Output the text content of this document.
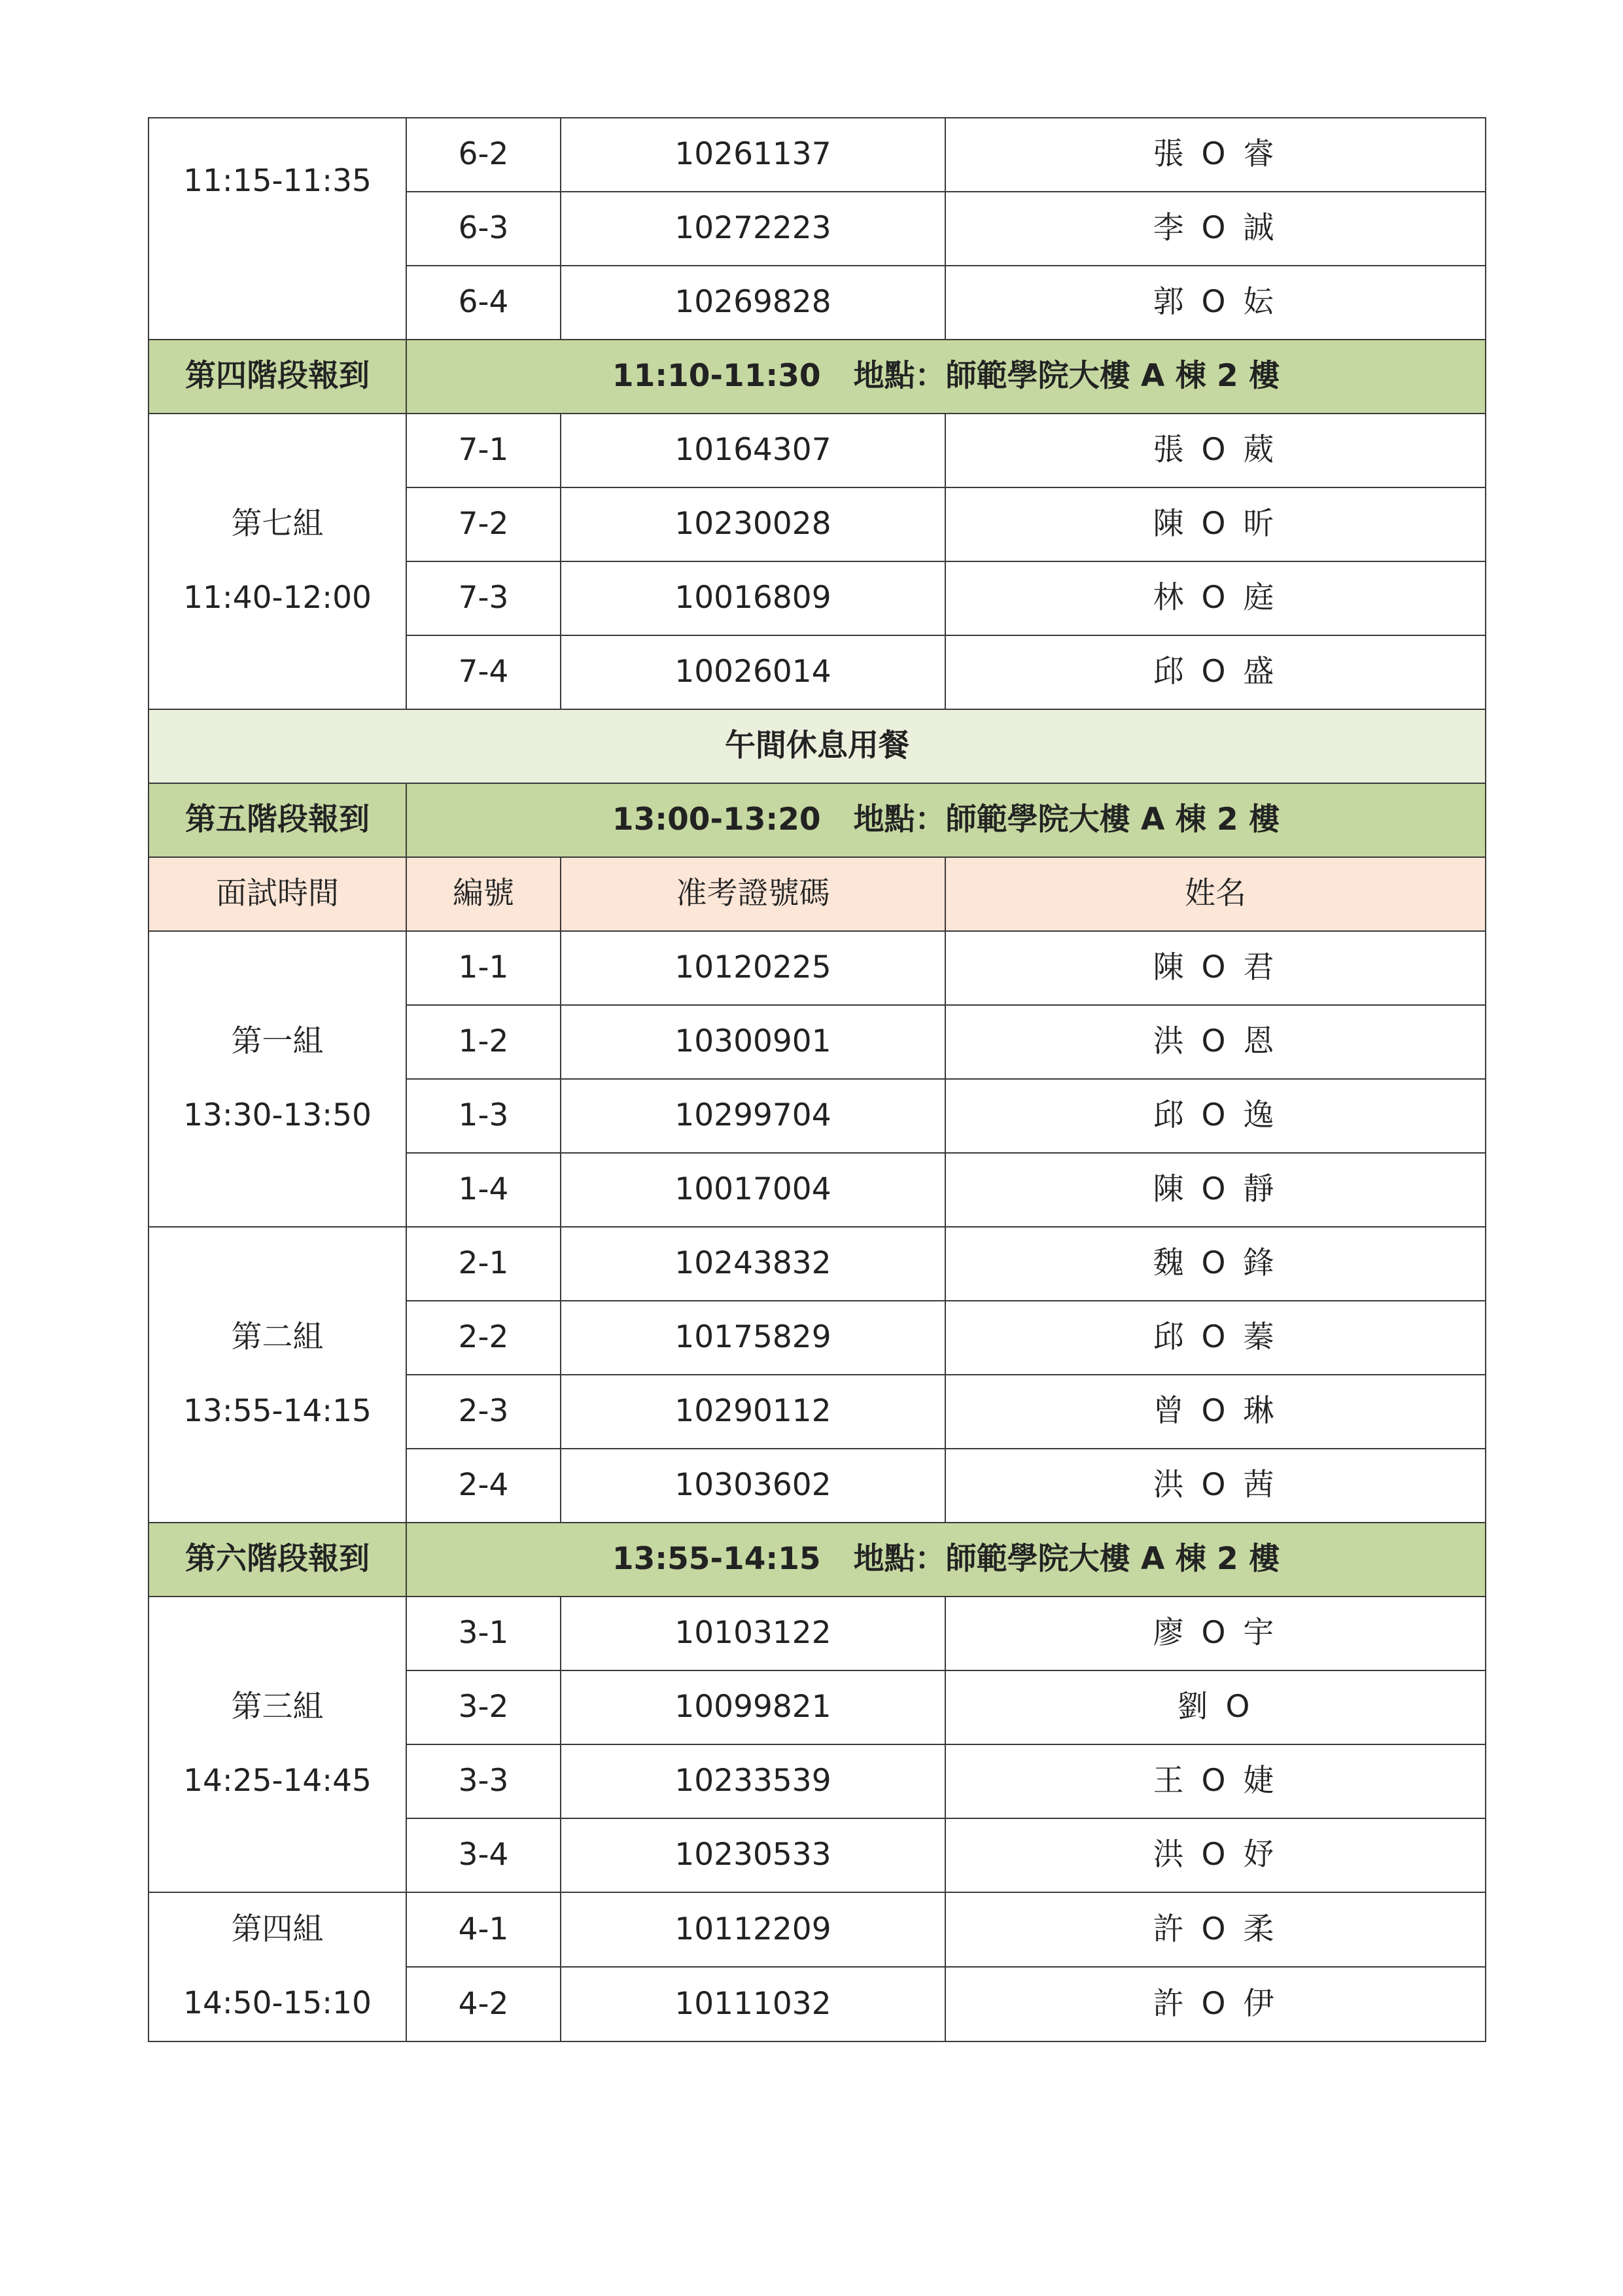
11:15-11:35	6-2	10261137	張 O 睿
	6-3	10272223	李 O 誠
	6-4	10269828	郭 O 妘
第四階段報到	11:10-11:30 地點：師範學院大樓 A 棟 2 樓		

第七組
11:40-12:00	7-1	10164307	張 O 葳
	7-2	10230028	陳 O 昕
	7-3	10016809	林 O 庭
	7-4	10026014	邱 O 盛
午間休息用餐			
第五階段報到	13:00-13:20 地點：師範學院大樓 A 棟 2 樓		
面試時間	編號	准考證號碼	姓名

第一組
13:30-13:50	1-1	10120225	陳 O 君
	1-2	10300901	洪 O 恩
	1-3	10299704	邱 O 逸
	1-4	10017004	陳 O 靜

第二組
13:55-14:15	2-1	10243832	魏 O 鋒
	2-2	10175829	邱 O 蓁
	2-3	10290112	曾 O 琳
	2-4	10303602	洪 O 茜
第六階段報到	13:55-14:15 地點：師範學院大樓 A 棟 2 樓		

第三組
14:25-14:45	3-1	10103122	廖 O 宇
	3-2	10099821	劉 O
	3-3	10233539	王 O 婕
	3-4	10230533	洪 O 妤

第四組
14:50-15:10	4-1	10112209	許 O 柔
	4-2	10111032	許 O 伊
